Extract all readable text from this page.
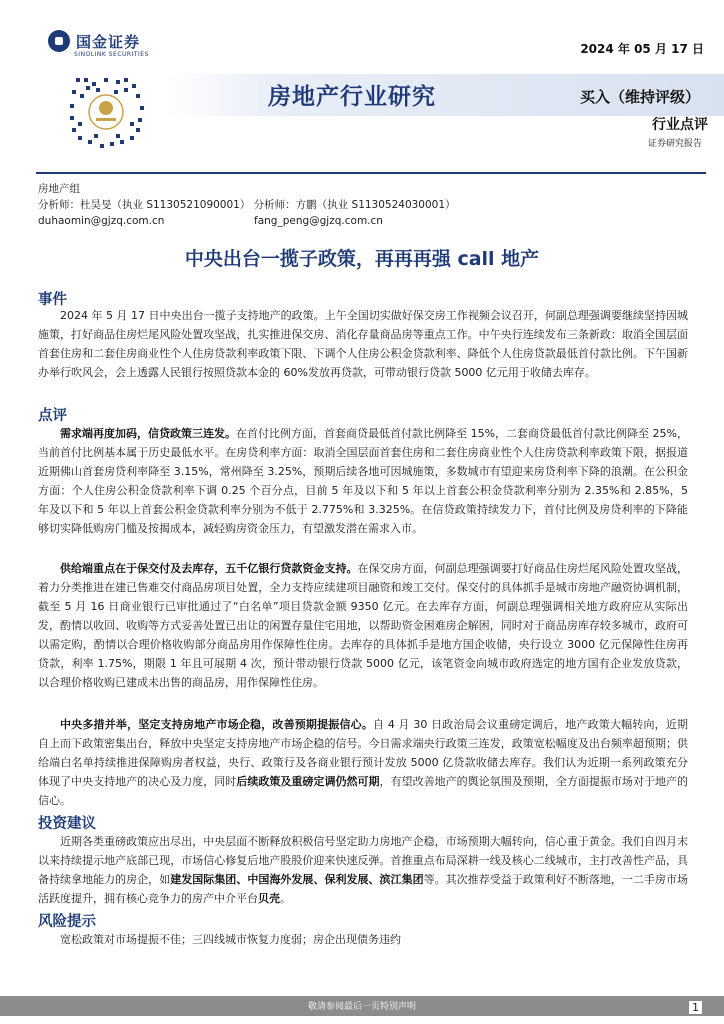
国金证券
SINOLINK SECURITIES	2024 年 05 月 17 日
房地产行业研究	买入（维持评级）
行业点评
证券研究报告
房地产组
分析师：杜昊旻（执业 S1130521090001） 分析师：方鹏（执业 S1130524030001）
duhaomin@gjzq.com.cn	fang_peng@gjzq.com.cn
中央出台一揽子政策，再再再强 call 地产
事件

2024 年 5 月 17 日中央出台一揽子支持地产的政策。上午全国切实做好保交房工作视频会议召开，何副总理强调要继续坚持因城施策，打好商品住房烂尾风险处置攻坚战，扎实推进保交房、消化存量商品房等重点工作。中午央行连续发布三条新政：取消全国层面首套住房和二套住房商业性个人住房贷款利率政策下限、下调个人住房公积金贷款利率、降低个人住房贷款最低首付款比例。下午国新办举行吹风会，会上透露人民银行按照贷款本金的 60%发放再贷款，可带动银行贷款 5000 亿元用于收储去库存。

点评

需求端再度加码，信贷政策三连发。在首付比例方面，首套商贷最低首付款比例降至 15%，二套商贷最低首付款比例降至 25%，当前首付比例基本属于历史最低水平。在房贷利率方面：取消全国层面首套住房和二套住房商业性个人住房贷款利率政策下限，据报道近期佛山首套房贷利率降至 3.15%，常州降至 3.25%，预期后续各地可因城施策，多数城市有望迎来房贷利率下降的浪潮。在公积金方面：个人住房公积金贷款利率下调 0.25 个百分点，目前 5 年及以下和 5 年以上首套公积金贷款利率分别为 2.35%和 2.85%，5 年及以下和 5 年以上首套公积金贷款利率分别为不低于 2.775%和 3.325%。在信贷政策持续发力下，首付比例及房贷利率的下降能够切实降低购房门槛及按揭成本，减轻购房资金压力，有望激发潜在需求入市。

供给端重点在于保交付及去库存，五千亿银行贷款资金支持。在保交房方面，何副总理强调要打好商品住房烂尾风险处置攻坚战，着力分类推进在建已售难交付商品房项目处置，全力支持应续建项目融资和竣工交付。保交付的具体抓手是城市房地产融资协调机制，截至 5 月 16 日商业银行已审批通过了“白名单”项目贷款金额 9350 亿元。在去库存方面，何副总理强调相关地方政府应从实际出发，酌情以收回、收购等方式妥善处置已出让的闲置存量住宅用地，以帮助资金困难房企解困，同时对于商品房库存较多城市，政府可以需定购，酌情以合理价格收购部分商品房用作保障性住房。去库存的具体抓手是地方国企收储，央行设立 3000 亿元保障性住房再贷款，利率 1.75%，期限 1 年且可展期 4 次，预计带动银行贷款 5000 亿元，该笔资金向城市政府选定的地方国有企业发放贷款，以合理价格收购已建成未出售的商品房，用作保障性住房。

中央多措并举，坚定支持房地产市场企稳，改善预期提振信心。自 4 月 30 日政治局会议重磅定调后，地产政策大幅转向，近期自上而下政策密集出台，释放中央坚定支持房地产市场企稳的信号。今日需求端央行政策三连发，政策宽松幅度及出台频率超预期；供给端白名单持续推进保障购房者权益，央行、政策行及各商业银行预计发放 5000 亿贷款收储去库存。我们认为近期一系列政策充分体现了中央支持地产的决心及力度，同时后续政策及重磅定调仍然可期，有望改善地产的舆论氛围及预期，全方面提振市场对于地产的信心。

投资建议

近期各类重磅政策应出尽出，中央层面不断释放积极信号坚定助力房地产企稳，市场预期大幅转向，信心重于黄金。我们自四月末以来持续提示地产底部已现，市场信心修复后地产股股价迎来快速反弹。首推重点布局深耕一线及核心二线城市，主打改善性产品，具备持续拿地能力的房企，如建发国际集团、中国海外发展、保利发展、滨江集团等。其次推荐受益于政策利好不断落地，一二手房市场活跃度提升，拥有核心竞争力的房产中介平台贝壳。

风险提示

宽松政策对市场提振不佳；三四线城市恢复力度弱；房企出现债务违约

敬请参阅最后一页特别声明	1
